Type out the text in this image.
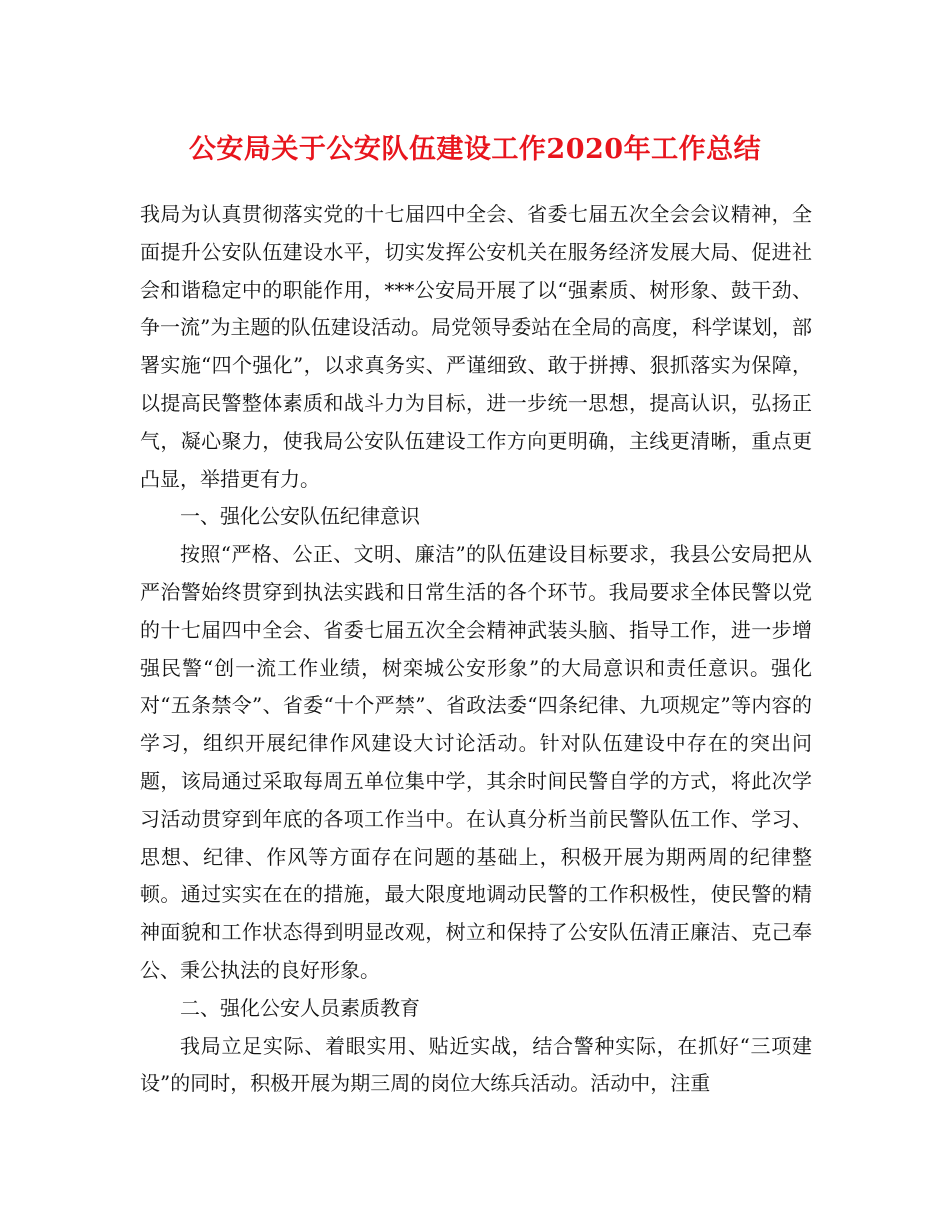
公安局关于公安队伍建设工作2020年工作总结

我局为认真贯彻落实党的十七届四中全会、省委七届五次全会会议精神，全面提升公安队伍建设水平，切实发挥公安机关在服务经济发展大局、促进社会和谐稳定中的职能作用，***公安局开展了以“强素质、树形象、鼓干劲、争一流”为主题的队伍建设活动。局党领导委站在全局的高度，科学谋划，部署实施“四个强化”，以求真务实、严谨细致、敢于拼搏、狠抓落实为保障，以提高民警整体素质和战斗力为目标，进一步统一思想，提高认识，弘扬正气，凝心聚力，使我局公安队伍建设工作方向更明确，主线更清晰，重点更凸显，举措更有力。

一、强化公安队伍纪律意识

按照“严格、公正、文明、廉洁”的队伍建设目标要求，我县公安局把从严治警始终贯穿到执法实践和日常生活的各个环节。我局要求全体民警以党的十七届四中全会、省委七届五次全会精神武装头脑、指导工作，进一步增强民警“创一流工作业绩，树栾城公安形象”的大局意识和责任意识。强化对“五条禁令”、省委“十个严禁”、省政法委“四条纪律、九项规定”等内容的学习，组织开展纪律作风建设大讨论活动。针对队伍建设中存在的突出问题，该局通过采取每周五单位集中学，其余时间民警自学的方式，将此次学习活动贯穿到年底的各项工作当中。在认真分析当前民警队伍工作、学习、思想、纪律、作风等方面存在问题的基础上，积极开展为期两周的纪律整顿。通过实实在在的措施，最大限度地调动民警的工作积极性，使民警的精神面貌和工作状态得到明显改观，树立和保持了公安队伍清正廉洁、克己奉公、秉公执法的良好形象。

二、强化公安人员素质教育

我局立足实际、着眼实用、贴近实战，结合警种实际，在抓好“三项建设”的同时，积极开展为期三周的岗位大练兵活动。活动中，注重
